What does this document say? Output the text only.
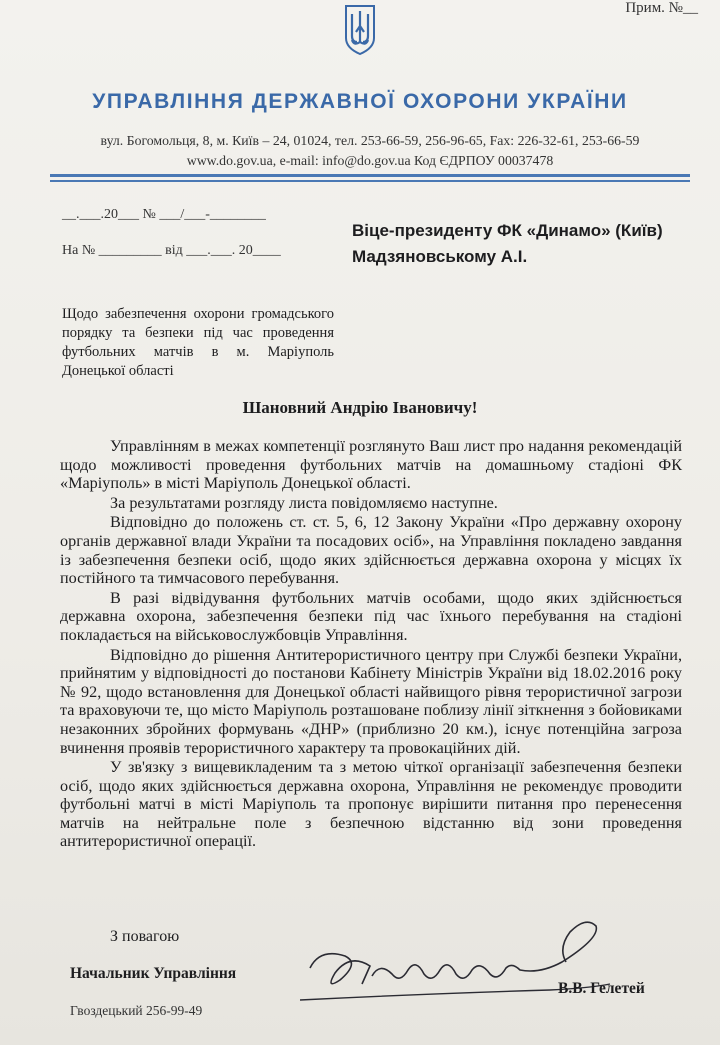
Прим. №__
УПРАВЛІННЯ ДЕРЖАВНОЇ ОХОРОНИ УКРАЇНИ
вул. Богомольця, 8, м. Київ – 24, 01024, тел. 253-66-59, 256-96-65, Fax: 226-32-61, 253-66-59
www.do.gov.ua, e-mail: info@do.gov.ua Код ЄДРПОУ 00037478
__.___.20___ № ___/___-________
На № _________ від ___.___. 20____
Віце-президенту ФК «Динамо» (Київ)
Мадзяновському А.І.
Щодо забезпечення охорони громадського порядку та безпеки під час проведення футбольних матчів в м. Маріуполь Донецької області
Шановний Андрію Івановичу!

Управлінням в межах компетенції розглянуто Ваш лист про надання рекомендацій щодо можливості проведення футбольних матчів на домашньому стадіоні ФК «Маріуполь» в місті Маріуполь Донецької області.

За результатами розгляду листа повідомляємо наступне.

Відповідно до положень ст. ст. 5, 6, 12 Закону України «Про державну охорону органів державної влади України та посадових осіб», на Управління покладено завдання із забезпечення безпеки осіб, щодо яких здійснюється державна охорона у місцях їх постійного та тимчасового перебування.

В разі відвідування футбольних матчів особами, щодо яких здійснюється державна охорона, забезпечення безпеки під час їхнього перебування на стадіоні покладається на військовослужбовців Управління.

Відповідно до рішення Антитерористичного центру при Службі безпеки України, прийнятим у відповідності до постанови Кабінету Міністрів України від 18.02.2016 року № 92, щодо встановлення для Донецької області найвищого рівня терористичної загрози та враховуючи те, що місто Маріуполь розташоване поблизу лінії зіткнення з бойовиками незаконних збройних формувань «ДНР» (приблизно 20 км.), існує потенційна загроза вчинення проявів терористичного характеру та провокаційних дій.

У зв'язку з вищевикладеним та з метою чіткої організації забезпечення безпеки осіб, щодо яких здійснюється державна охорона, Управління не рекомендує проводити футбольні матчі в місті Маріуполь та пропонує вирішити питання про перенесення матчів на нейтральне поле з безпечною відстанню від зони проведення антитерористичної операції.

З повагою
Начальник Управління
В.В. Гелетей
Гвоздецький 256-99-49
